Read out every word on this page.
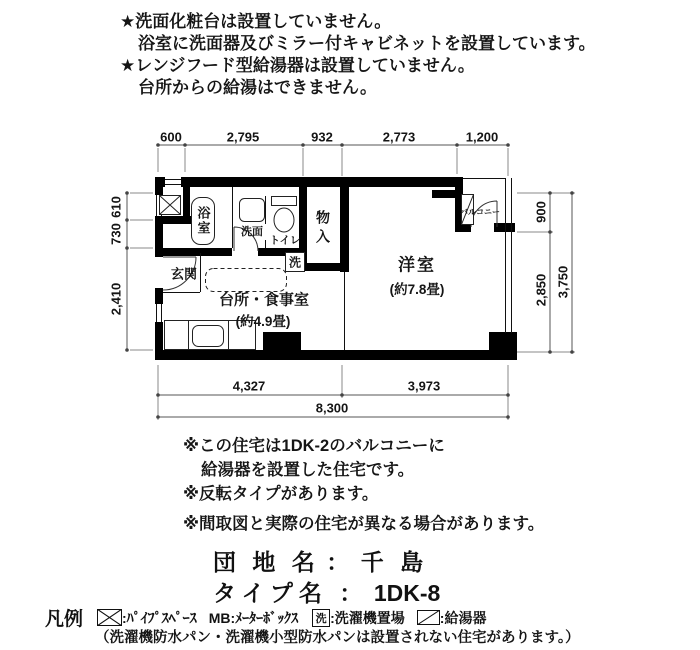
★洗面化粧台は設置していません。
浴室に洗面器及びミラー付キャビネットを設置しています。
★レンジフード型給湯器は設置していません。
台所からの給湯はできません。
600	2,795	932	2,773	1,200
610
730
2,410
900
2,850 3,750
4,327	3,973
8,300
浴室	洗面
トイレ 物入
洗
玄関
台所・食事室
(約4.9畳)
洋室
(約7.8畳)
バルコニー
※この住宅は1DK-2のバルコニーに
給湯器を設置した住宅です。
※反転タイプがあります。
※間取図と実際の住宅が異なる場合があります。
団 地 名 ： 千 島
タイプ名 ： 1DK-8
凡例	:ﾊﾟｲﾌﾟｽﾍﾟｰｽ MB:ﾒｰﾀｰﾎﾞｯｸｽ 洗 :洗濯機置場	:給湯器
（洗濯機防水パン・洗濯機小型防水パンは設置されない住宅があります。）
